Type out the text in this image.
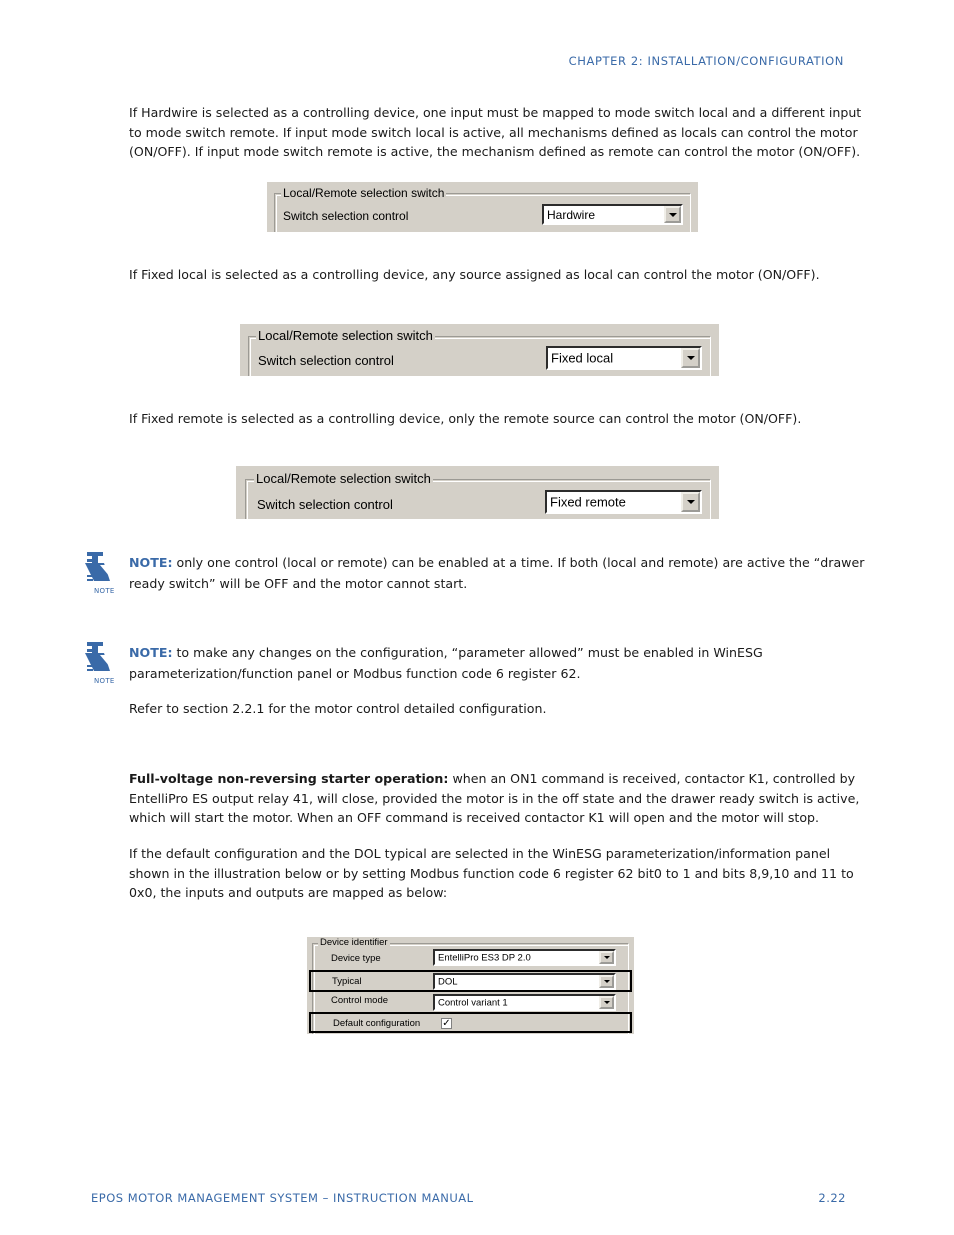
CHAPTER 2: INSTALLATION/CONFIGURATION
If Hardwire is selected as a controlling device, one input must be mapped to mode switch local and a different input to mode switch remote. If input mode switch local is active, all mechanisms defined as locals can control the motor (ON/OFF). If input mode switch remote is active, the mechanism defined as remote can control the motor (ON/OFF).
Local/Remote selection switch
Switch selection control	Hardwire
If Fixed local is selected as a controlling device, any source assigned as local can control the motor (ON/OFF).
Local/Remote selection switch
Switch selection control	Fixed local
If Fixed remote is selected as a controlling device, only the remote source can control the motor (ON/OFF).
Local/Remote selection switch
Switch selection control	Fixed remote
NOTE
NOTE: only one control (local or remote) can be enabled at a time. If both (local and remote) are active the “drawer ready switch” will be OFF and the motor cannot start.
NOTE
NOTE: to make any changes on the configuration, “parameter allowed” must be enabled in WinESG parameterization/function panel or Modbus function code 6 register 62.
Refer to section 2.2.1 for the motor control detailed configuration.
Full-voltage non-reversing starter operation: when an ON1 command is received, contactor K1, controlled by EntelliPro ES output relay 41, will close, provided the motor is in the off state and the drawer ready switch is active, which will start the motor. When an OFF command is received contactor K1 will open and the motor will stop.
If the default configuration and the DOL typical are selected in the WinESG parameterization/information panel shown in the illustration below or by setting Modbus function code 6 register 62 bit0 to 1 and bits 8,9,10 and 11 to 0x0, the inputs and outputs are mapped as below:
Device identifier
Device type	EntelliPro ES3 DP 2.0
Typical	DOL
Control mode	Control variant 1
Default configuration ✓
EPOS MOTOR MANAGEMENT SYSTEM – INSTRUCTION MANUAL	2.22
